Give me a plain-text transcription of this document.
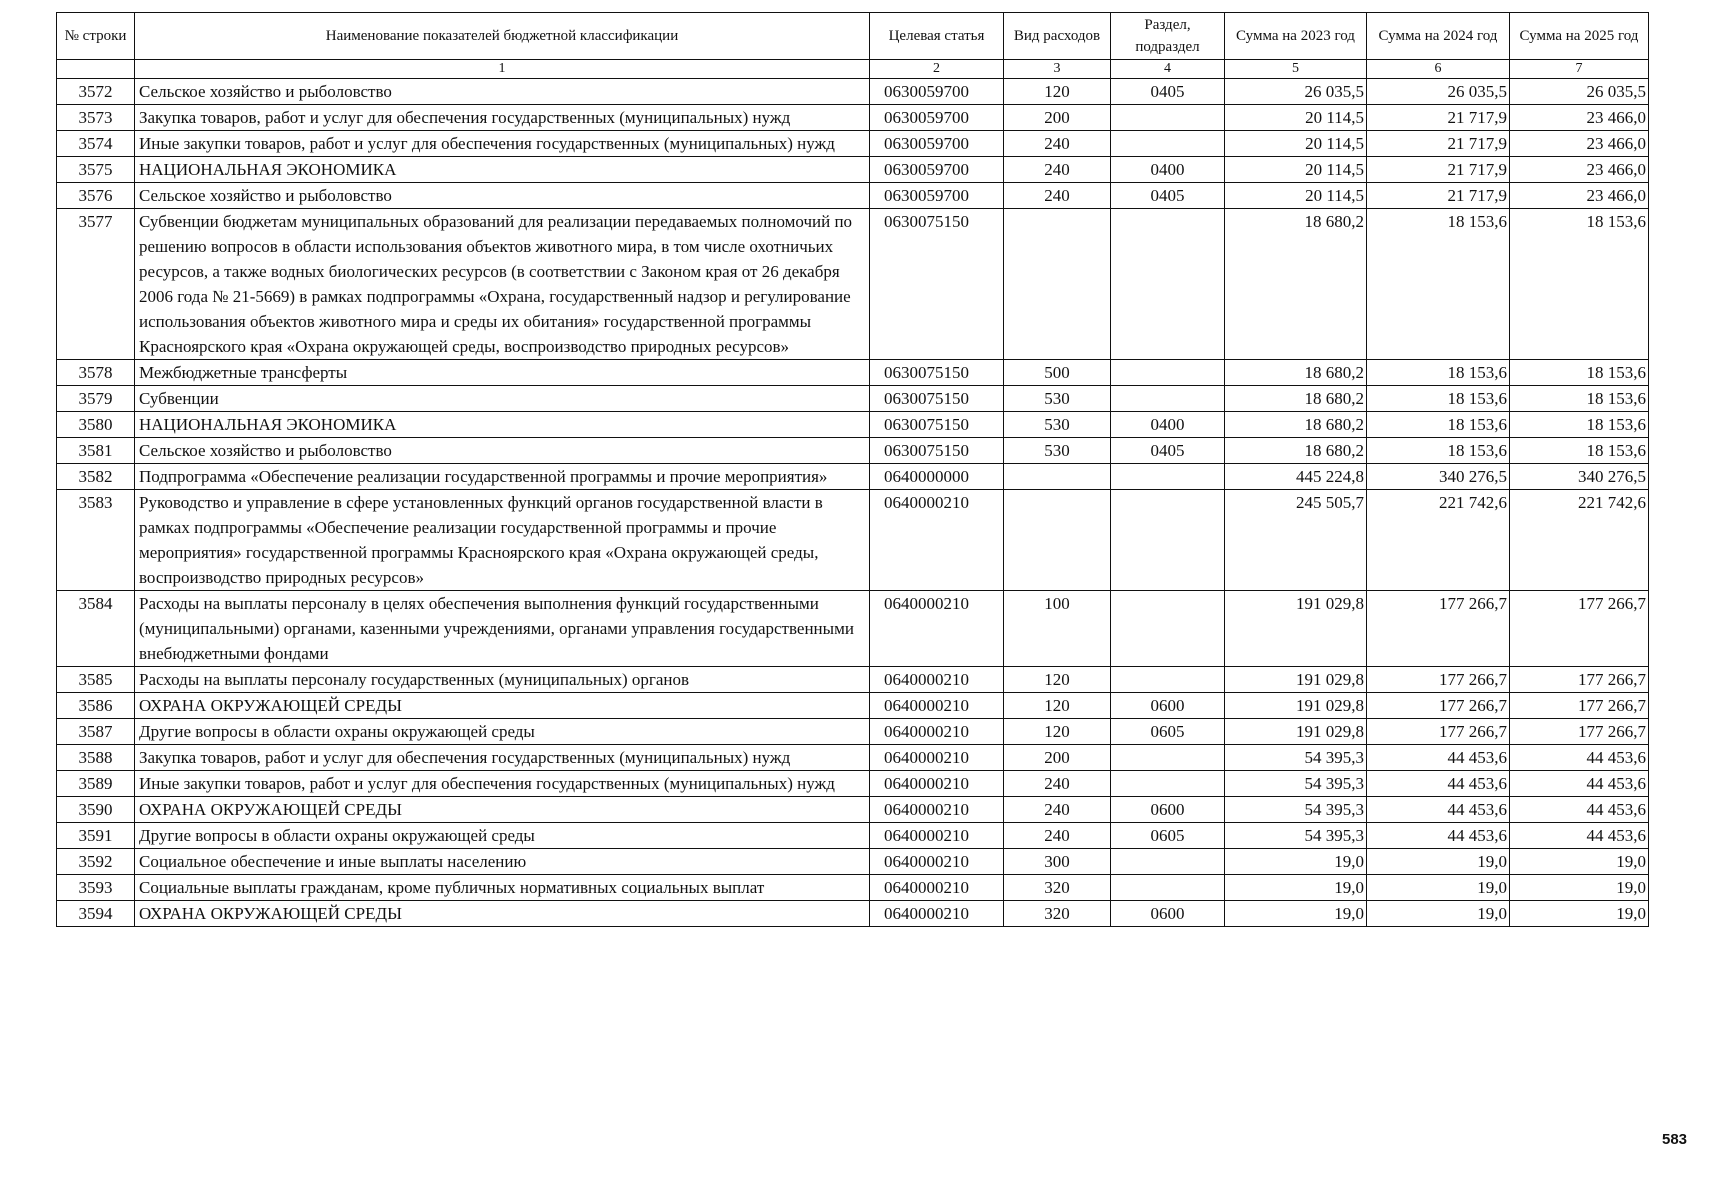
№ строки	Наименование показателей бюджетной классификации	Целевая статья	Вид расходов	Раздел, подраздел	Сумма на 2023 год	Сумма на 2024 год	Сумма на 2025 год
	1	2	3	4	5	6	7
3572	Сельское хозяйство и рыболовство	0630059700	120	0405	26 035,5	26 035,5	26 035,5
3573	Закупка товаров, работ и услуг для обеспечения государственных (муниципальных) нужд	0630059700	200		20 114,5	21 717,9	23 466,0
3574	Иные закупки товаров, работ и услуг для обеспечения государственных (муниципальных) нужд	0630059700	240		20 114,5	21 717,9	23 466,0
3575	НАЦИОНАЛЬНАЯ ЭКОНОМИКА	0630059700	240	0400	20 114,5	21 717,9	23 466,0
3576	Сельское хозяйство и рыболовство	0630059700	240	0405	20 114,5	21 717,9	23 466,0
3577	Субвенции бюджетам муниципальных образований для реализации передаваемых полномочий по решению вопросов в области использования объектов животного мира, в том числе охотничьих ресурсов, а также водных биологических ресурсов (в соответствии с Законом края от 26 декабря 2006 года № 21-5669) в рамках подпрограммы «Охрана, государственный надзор и регулирование использования объектов животного мира и среды их обитания» государственной программы Красноярского края «Охрана окружающей среды, воспроизводство природных ресурсов»	0630075150			18 680,2	18 153,6	18 153,6
3578	Межбюджетные трансферты	0630075150	500		18 680,2	18 153,6	18 153,6
3579	Субвенции	0630075150	530		18 680,2	18 153,6	18 153,6
3580	НАЦИОНАЛЬНАЯ ЭКОНОМИКА	0630075150	530	0400	18 680,2	18 153,6	18 153,6
3581	Сельское хозяйство и рыболовство	0630075150	530	0405	18 680,2	18 153,6	18 153,6
3582	Подпрограмма «Обеспечение реализации государственной программы и прочие мероприятия»	0640000000			445 224,8	340 276,5	340 276,5
3583	Руководство и управление в сфере установленных функций органов государственной власти в рамках подпрограммы «Обеспечение реализации государственной программы и прочие мероприятия» государственной программы Красноярского края «Охрана окружающей среды, воспроизводство природных ресурсов»	0640000210			245 505,7	221 742,6	221 742,6
3584	Расходы на выплаты персоналу в целях обеспечения выполнения функций государственными (муниципальными) органами, казенными учреждениями, органами управления государственными внебюджетными фондами	0640000210	100		191 029,8	177 266,7	177 266,7
3585	Расходы на выплаты персоналу государственных (муниципальных) органов	0640000210	120		191 029,8	177 266,7	177 266,7
3586	ОХРАНА ОКРУЖАЮЩЕЙ СРЕДЫ	0640000210	120	0600	191 029,8	177 266,7	177 266,7
3587	Другие вопросы в области охраны окружающей среды	0640000210	120	0605	191 029,8	177 266,7	177 266,7
3588	Закупка товаров, работ и услуг для обеспечения государственных (муниципальных) нужд	0640000210	200		54 395,3	44 453,6	44 453,6
3589	Иные закупки товаров, работ и услуг для обеспечения государственных (муниципальных) нужд	0640000210	240		54 395,3	44 453,6	44 453,6
3590	ОХРАНА ОКРУЖАЮЩЕЙ СРЕДЫ	0640000210	240	0600	54 395,3	44 453,6	44 453,6
3591	Другие вопросы в области охраны окружающей среды	0640000210	240	0605	54 395,3	44 453,6	44 453,6
3592	Социальное обеспечение и иные выплаты населению	0640000210	300		19,0	19,0	19,0
3593	Социальные выплаты гражданам, кроме публичных нормативных социальных выплат	0640000210	320		19,0	19,0	19,0
3594	ОХРАНА ОКРУЖАЮЩЕЙ СРЕДЫ	0640000210	320	0600	19,0	19,0	19,0
583
